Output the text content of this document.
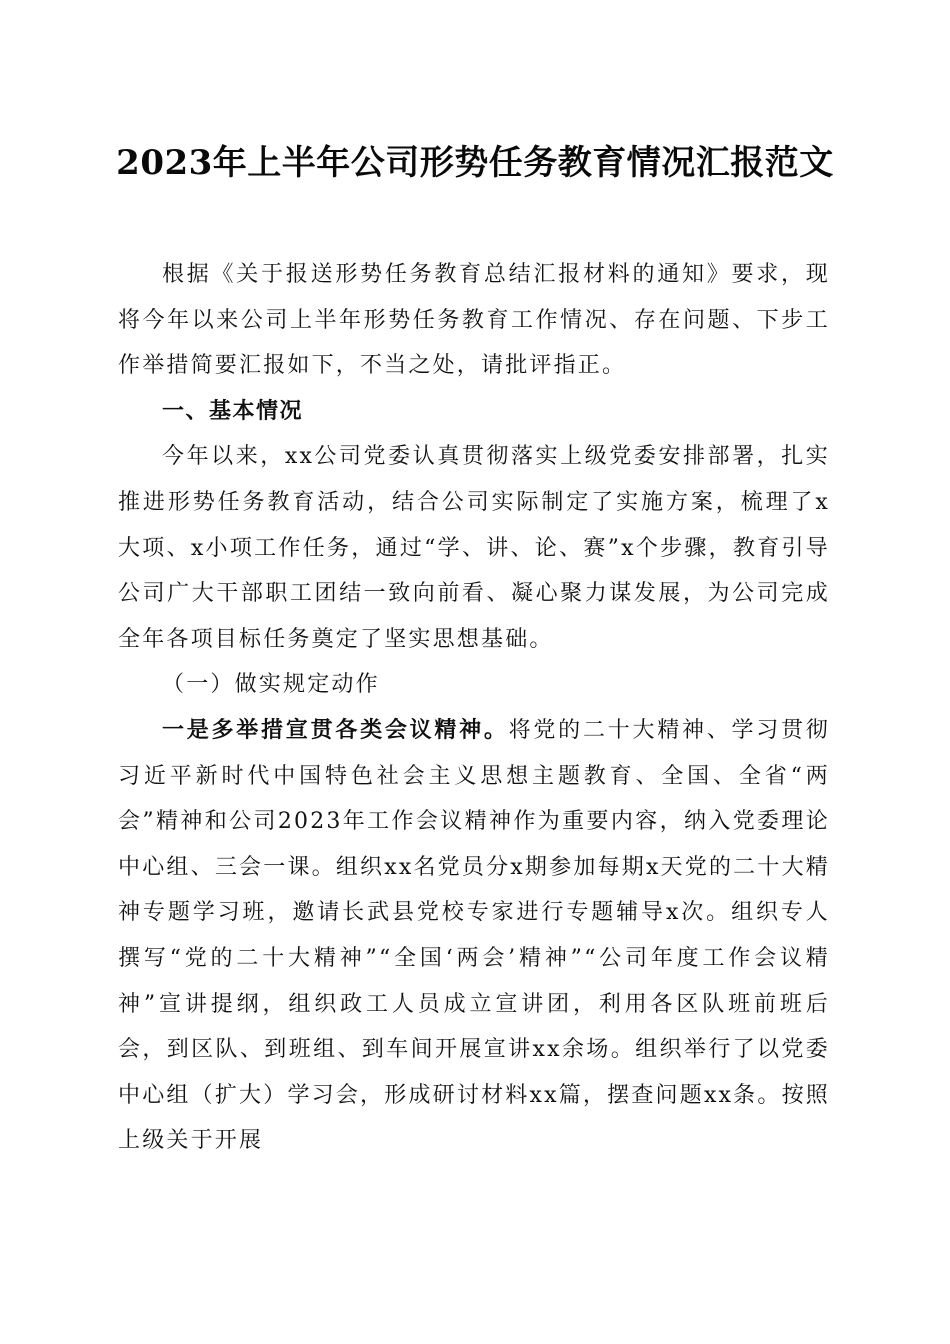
2023年上半年公司形势任务教育情况汇报范文

根据《关于报送形势任务教育总结汇报材料的通知》要求，现将今年以来公司上半年形势任务教育工作情况、存在问题、下步工作举措简要汇报如下，不当之处，请批评指正。

一、基本情况

今年以来，xx公司党委认真贯彻落实上级党委安排部署，扎实推进形势任务教育活动，结合公司实际制定了实施方案，梳理了x大项、x小项工作任务，通过“学、讲、论、赛”x个步骤，教育引导公司广大干部职工团结一致向前看、凝心聚力谋发展，为公司完成全年各项目标任务奠定了坚实思想基础。

（一）做实规定动作

一是多举措宣贯各类会议精神。将党的二十大精神、学习贯彻习近平新时代中国特色社会主义思想主题教育、全国、全省“两会”精神和公司2023年工作会议精神作为重要内容，纳入党委理论中心组、三会一课。组织xx名党员分x期参加每期x天党的二十大精神专题学习班，邀请长武县党校专家进行专题辅导x次。组织专人撰写“党的二十大精神”“全国‘两会’精神”“公司年度工作会议精神”宣讲提纲，组织政工人员成立宣讲团，利用各区队班前班后会，到区队、到班组、到车间开展宣讲xx余场。组织举行了以党委中心组（扩大）学习会，形成研讨材料xx篇，摆查问题xx条。按照上级关于开展
